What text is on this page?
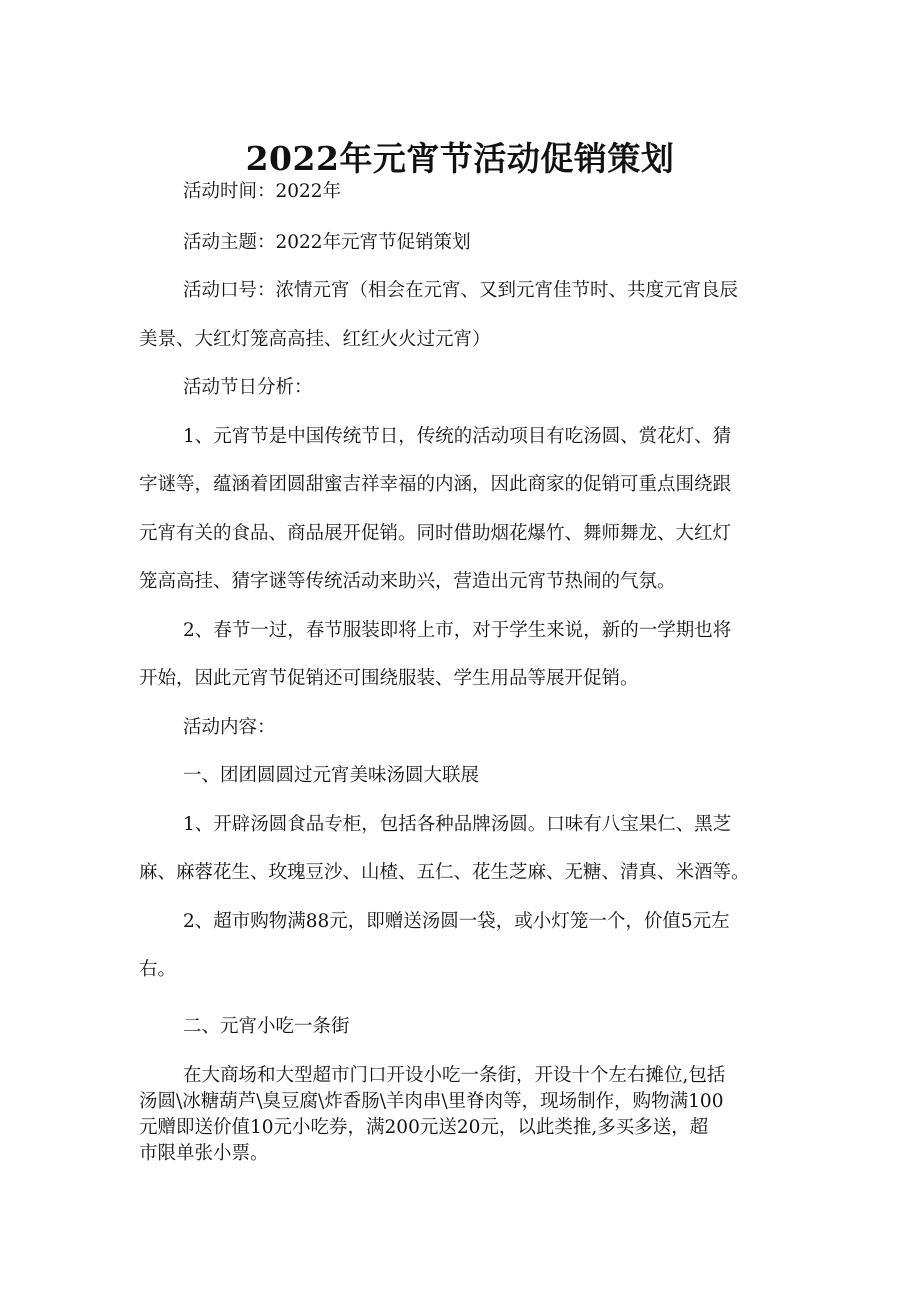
2022年元宵节活动促销策划

活动时间：2022年

活动主题：2022年元宵节促销策划

活动口号：浓情元宵（相会在元宵、又到元宵佳节时、共度元宵良辰

美景、大红灯笼高高挂、红红火火过元宵）

活动节日分析：

1、元宵节是中国传统节日，传统的活动项目有吃汤圆、赏花灯、猜

字谜等，蕴涵着团圆甜蜜吉祥幸福的内涵，因此商家的促销可重点围绕跟

元宵有关的食品、商品展开促销。同时借助烟花爆竹、舞师舞龙、大红灯

笼高高挂、猜字谜等传统活动来助兴，营造出元宵节热闹的气氛。

2、春节一过，春节服装即将上市，对于学生来说，新的一学期也将

开始，因此元宵节促销还可围绕服装、学生用品等展开促销。

活动内容：

一、团团圆圆过元宵美味汤圆大联展

1、开辟汤圆食品专柜，包括各种品牌汤圆。口味有八宝果仁、黑芝

麻、麻蓉花生、玫瑰豆沙、山楂、五仁、花生芝麻、无糖、清真、米酒等。

2、超市购物满88元，即赠送汤圆一袋，或小灯笼一个，价值5元左

右。

二、元宵小吃一条街

在大商场和大型超市门口开设小吃一条街，开设十个左右摊位,包括

汤圆\冰糖葫芦\臭豆腐\炸香肠\羊肉串\里脊肉等，现场制作，购物满100

元赠即送价值10元小吃券，满200元送20元，以此类推,多买多送，超

市限单张小票。
